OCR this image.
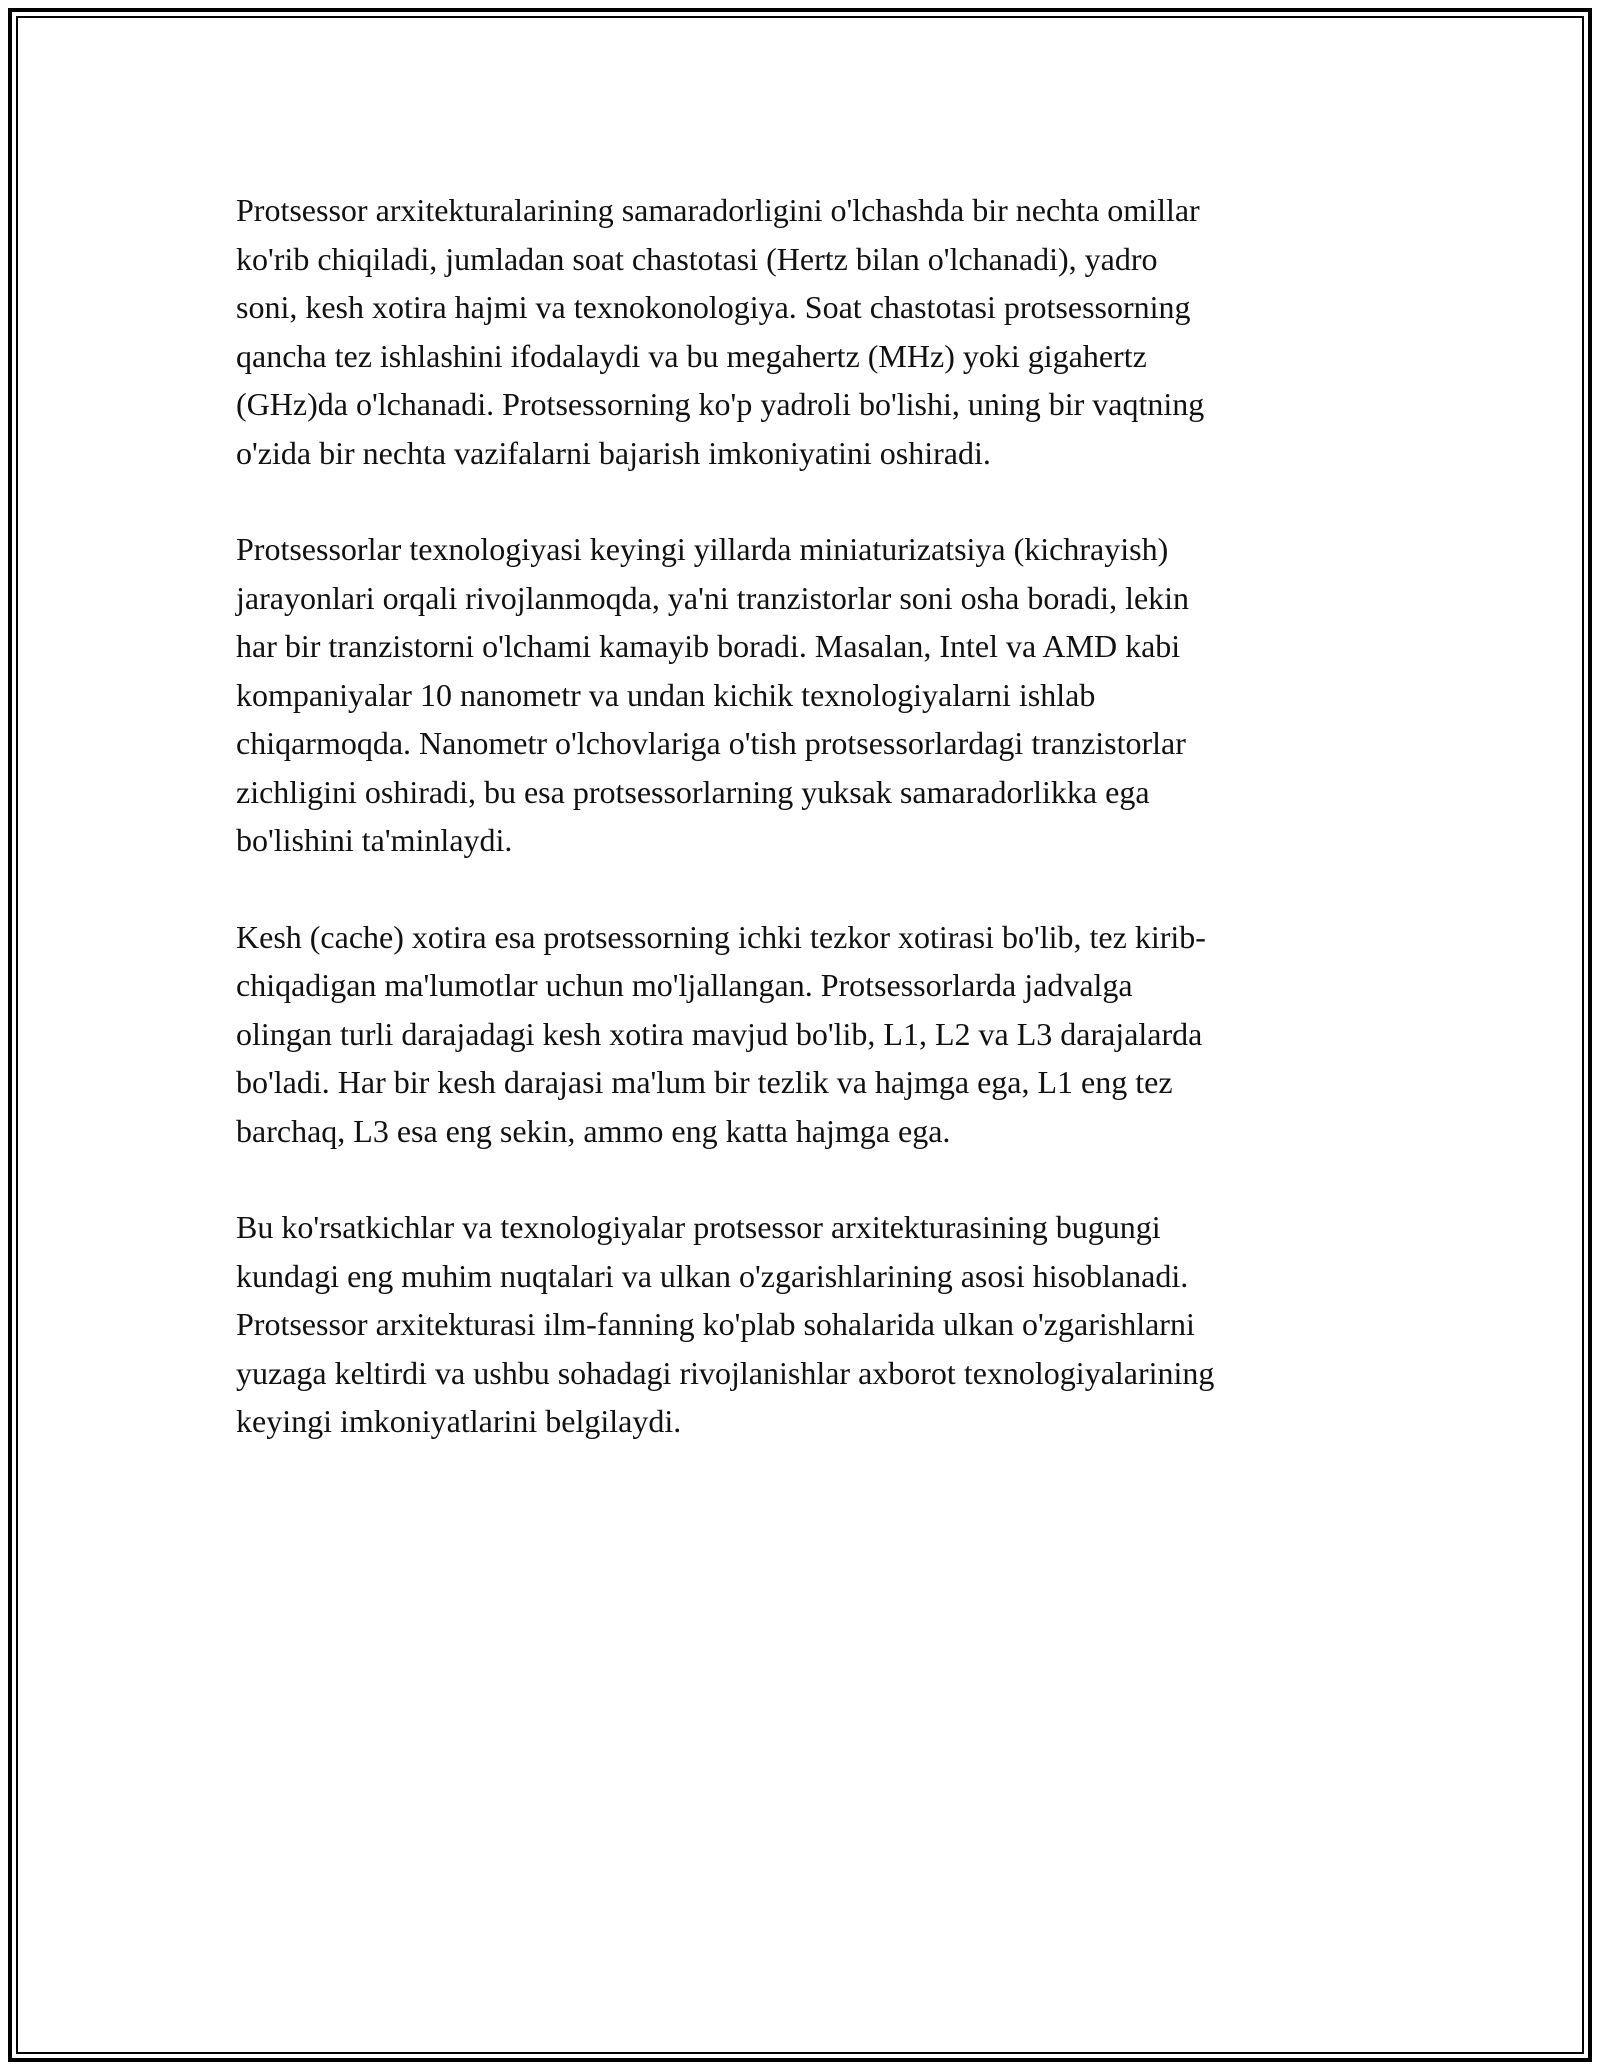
Protsessor arxitekturalarining samaradorligini o'lchashda bir nechta omillar
ko'rib chiqiladi, jumladan soat chastotasi (Hertz bilan o'lchanadi), yadro
soni, kesh xotira hajmi va texnokonologiya. Soat chastotasi protsessorning
qancha tez ishlashini ifodalaydi va bu megahertz (MHz) yoki gigahertz
(GHz)da o'lchanadi. Protsessorning ko'p yadroli bo'lishi, uning bir vaqtning
o'zida bir nechta vazifalarni bajarish imkoniyatini oshiradi.

Protsessorlar texnologiyasi keyingi yillarda miniaturizatsiya (kichrayish)
jarayonlari orqali rivojlanmoqda, ya'ni tranzistorlar soni osha boradi, lekin
har bir tranzistorni o'lchami kamayib boradi. Masalan, Intel va AMD kabi
kompaniyalar 10 nanometr va undan kichik texnologiyalarni ishlab
chiqarmoqda. Nanometr o'lchovlariga o'tish protsessorlardagi tranzistorlar
zichligini oshiradi, bu esa protsessorlarning yuksak samaradorlikka ega
bo'lishini ta'minlaydi.

Kesh (cache) xotira esa protsessorning ichki tezkor xotirasi bo'lib, tez kirib-
chiqadigan ma'lumotlar uchun mo'ljallangan. Protsessorlarda jadvalga
olingan turli darajadagi kesh xotira mavjud bo'lib, L1, L2 va L3 darajalarda
bo'ladi. Har bir kesh darajasi ma'lum bir tezlik va hajmga ega, L1 eng tez
barchaq, L3 esa eng sekin, ammo eng katta hajmga ega.

Bu ko'rsatkichlar va texnologiyalar protsessor arxitekturasining bugungi
kundagi eng muhim nuqtalari va ulkan o'zgarishlarining asosi hisoblanadi.
Protsessor arxitekturasi ilm-fanning ko'plab sohalarida ulkan o'zgarishlarni
yuzaga keltirdi va ushbu sohadagi rivojlanishlar axborot texnologiyalarining
keyingi imkoniyatlarini belgilaydi.
